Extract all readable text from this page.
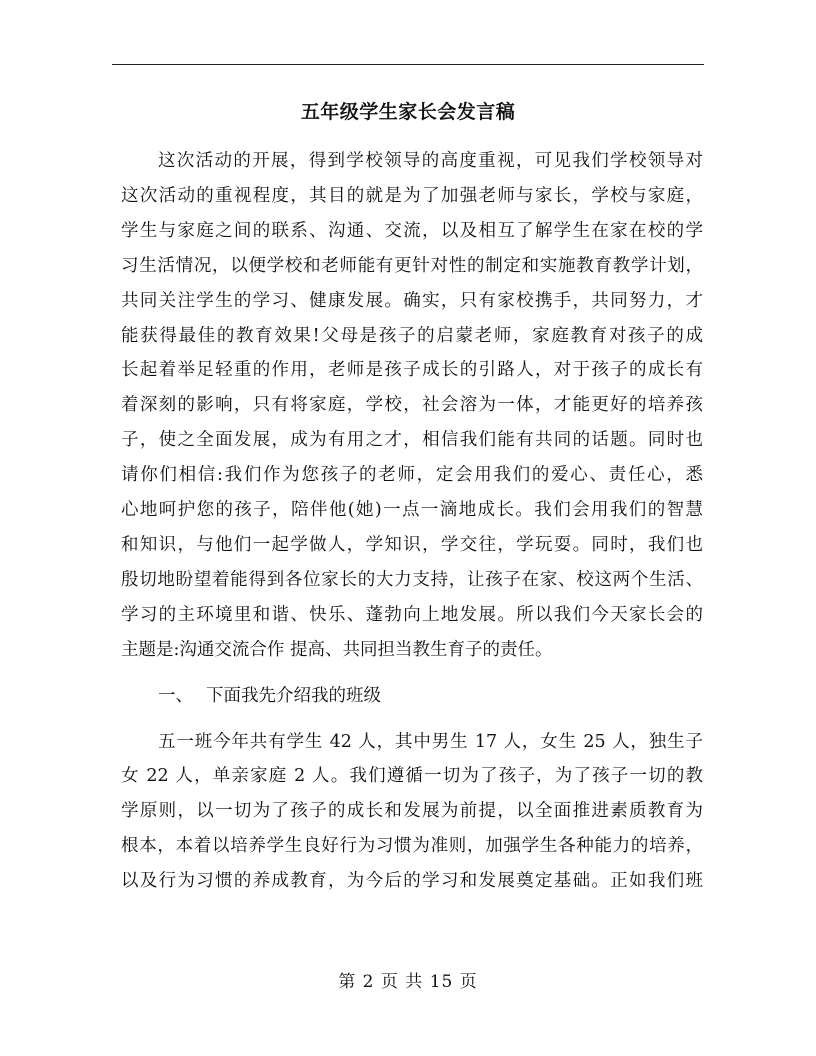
五年级学生家长会发言稿

这次活动的开展，得到学校领导的高度重视，可见我们学校领导对
这次活动的重视程度，其目的就是为了加强老师与家长，学校与家庭，
学生与家庭之间的联系、沟通、交流，以及相互了解学生在家在校的学
习生活情况，以便学校和老师能有更针对性的制定和实施教育教学计划，
共同关注学生的学习、健康发展。确实，只有家校携手，共同努力，才
能获得最佳的教育效果!父母是孩子的启蒙老师，家庭教育对孩子的成
长起着举足轻重的作用，老师是孩子成长的引路人，对于孩子的成长有
着深刻的影响，只有将家庭，学校，社会溶为一体，才能更好的培养孩
子，使之全面发展，成为有用之才，相信我们能有共同的话题。同时也
请你们相信:我们作为您孩子的老师，定会用我们的爱心、责任心，悉
心地呵护您的孩子，陪伴他(她)一点一滴地成长。我们会用我们的智慧
和知识，与他们一起学做人，学知识，学交往，学玩耍。同时，我们也
殷切地盼望着能得到各位家长的大力支持，让孩子在家、校这两个生活、
学习的主环境里和谐、快乐、蓬勃向上地发展。所以我们今天家长会的
主题是:沟通交流合作 提高、共同担当教生育子的责任。

一、 下面我先介绍我的班级

五一班今年共有学生 42 人，其中男生 17 人，女生 25 人，独生子
女 22 人，单亲家庭 2 人。我们遵循一切为了孩子，为了孩子一切的教
学原则，以一切为了孩子的成长和发展为前提，以全面推进素质教育为
根本，本着以培养学生良好行为习惯为准则，加强学生各种能力的培养，
以及行为习惯的养成教育，为今后的学习和发展奠定基础。正如我们班

第 2 页 共 15 页
